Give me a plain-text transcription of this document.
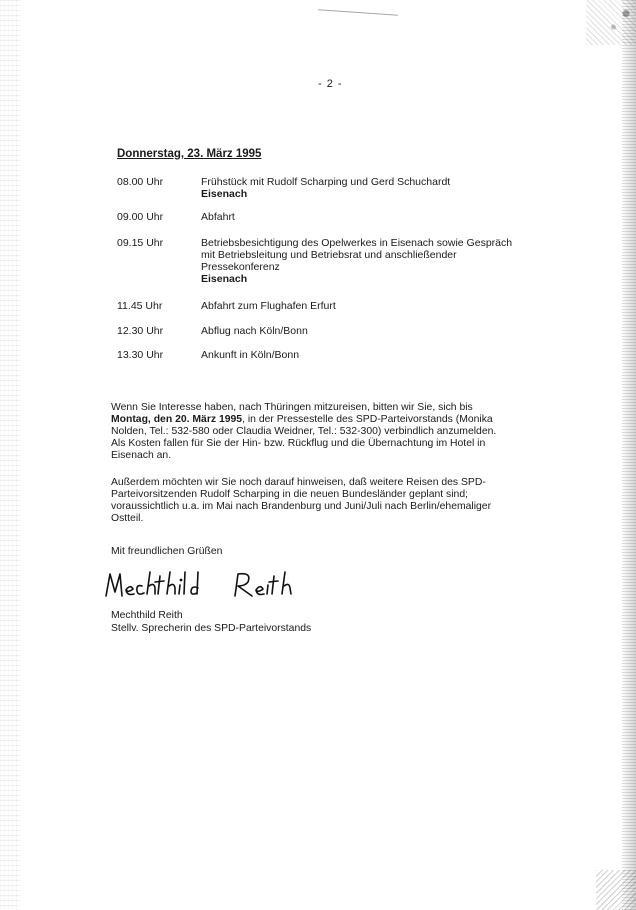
- 2 -
Donnerstag, 23. März 1995
08.00 Uhr	Frühstück mit Rudolf Scharping und Gerd Schuchardt
Eisenach
09.00 Uhr	Abfahrt
09.15 Uhr	Betriebsbesichtigung des Opelwerkes in Eisenach sowie Gespräch
mit Betriebsleitung und Betriebsrat und anschließender
Pressekonferenz
Eisenach
11.45 Uhr	Abfahrt zum Flughafen Erfurt
12.30 Uhr	Abflug nach Köln/Bonn
13.30 Uhr	Ankunft in Köln/Bonn
Wenn Sie Interesse haben, nach Thüringen mitzureisen, bitten wir Sie, sich bis
Montag, den 20. März 1995, in der Pressestelle des SPD-Parteivorstands (Monika
Nolden, Tel.: 532-580 oder Claudia Weidner, Tel.: 532-300) verbindlich anzumelden.
Als Kosten fallen für Sie der Hin- bzw. Rückflug und die Übernachtung im Hotel in
Eisenach an.
Außerdem möchten wir Sie noch darauf hinweisen, daß weitere Reisen des SPD-
Parteivorsitzenden Rudolf Scharping in die neuen Bundesländer geplant sind;
voraussichtlich u.a. im Mai nach Brandenburg und Juni/Juli nach Berlin/ehemaliger
Ostteil.
Mit freundlichen Grüßen
Mechthild Reith
Stellv. Sprecherin des SPD-Parteivorstands
